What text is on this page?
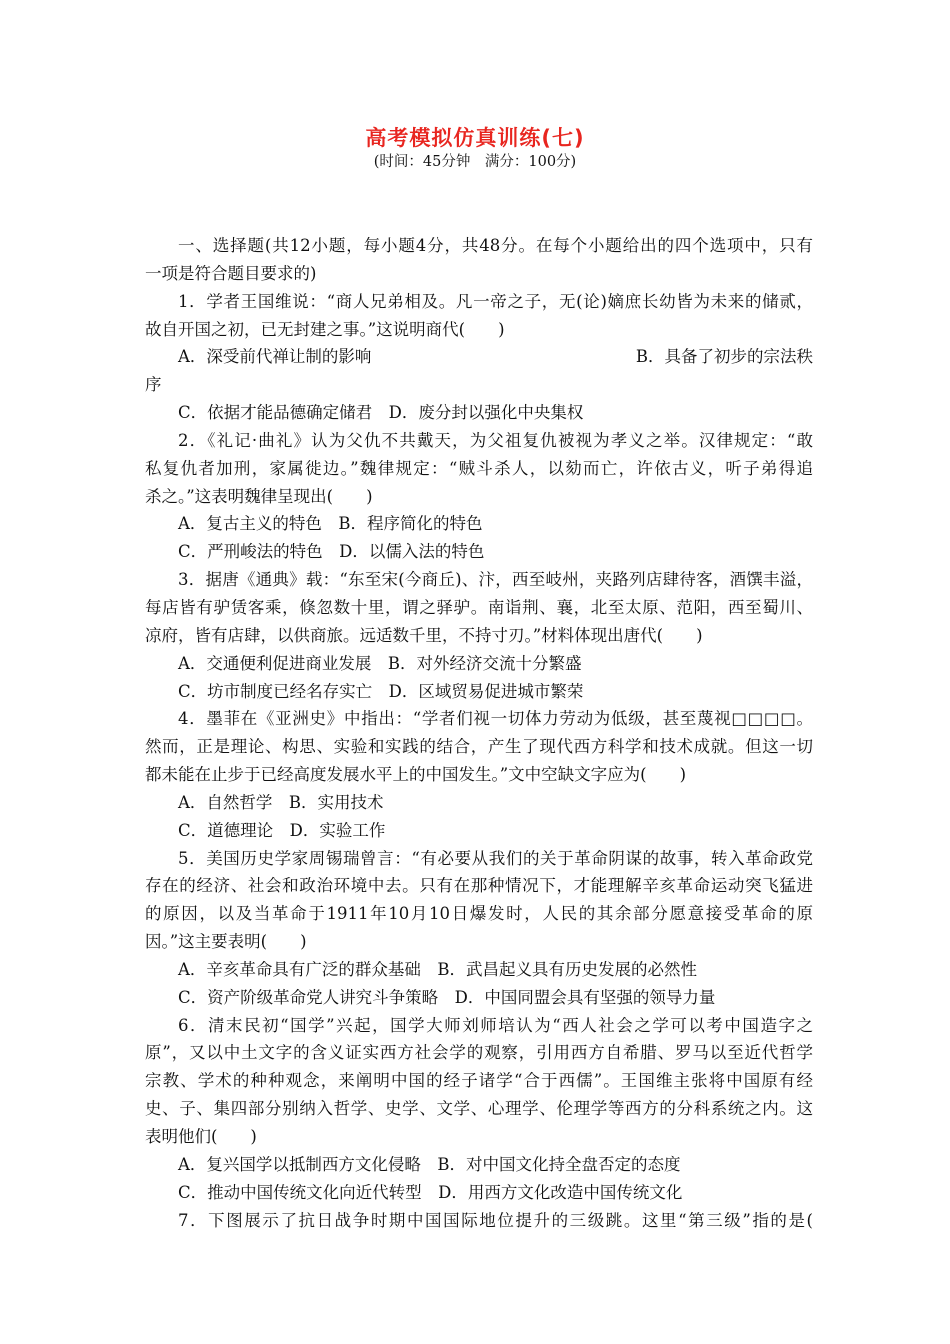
高考模拟仿真训练(七)
(时间：45分钟　满分：100分)
一、选择题(共12小题，每小题4分，共48分。在每个小题给出的四个选项中，只有
一项是符合题目要求的)
1．学者王国维说：“商人兄弟相及。凡一帝之子，无(论)嫡庶长幼皆为未来的储贰，
故自开国之初，已无封建之事。”这说明商代(　　)
A．深受前代禅让制的影响	B．具备了初步的宗法秩
序
C．依据才能品德确定储君　D．废分封以强化中央集权
2．《礼记·曲礼》认为父仇不共戴天，为父祖复仇被视为孝义之举。汉律规定：“敢
私复仇者加刑，家属徙边。”魏律规定：“贼斗杀人，以劾而亡，许依古义，听子弟得追
杀之。”这表明魏律呈现出(　　)
A．复古主义的特色　B．程序简化的特色
C．严刑峻法的特色　D．以儒入法的特色
3．据唐《通典》载：“东至宋(今商丘)、汴，西至岐州，夹路列店肆待客，酒馔丰溢，
每店皆有驴赁客乘，倏忽数十里，谓之驿驴。南诣荆、襄，北至太原、范阳，西至蜀川、
凉府，皆有店肆，以供商旅。远适数千里，不持寸刃。”材料体现出唐代(　　)
A．交通便利促进商业发展　B．对外经济交流十分繁盛
C．坊市制度已经名存实亡　D．区域贸易促进城市繁荣
4．墨菲在《亚洲史》中指出：“学者们视一切体力劳动为低级，甚至蔑视□□□□。
然而，正是理论、构思、实验和实践的结合，产生了现代西方科学和技术成就。但这一切
都未能在止步于已经高度发展水平上的中国发生。”文中空缺文字应为(　　)
A．自然哲学　B．实用技术
C．道德理论　D．实验工作
5．美国历史学家周锡瑞曾言：“有必要从我们的关于革命阴谋的故事，转入革命政党
存在的经济、社会和政治环境中去。只有在那种情况下，才能理解辛亥革命运动突飞猛进
的原因，以及当革命于1911年10月10日爆发时，人民的其余部分愿意接受革命的原
因。”这主要表明(　　)
A．辛亥革命具有广泛的群众基础　B．武昌起义具有历史发展的必然性
C．资产阶级革命党人讲究斗争策略　D．中国同盟会具有坚强的领导力量
6．清末民初“国学”兴起，国学大师刘师培认为“西人社会之学可以考中国造字之
原”，又以中土文字的含义证实西方社会学的观察，引用西方自希腊、罗马以至近代哲学
宗教、学术的种种观念，来阐明中国的经子诸学“合于西儒”。王国维主张将中国原有经
史、子、集四部分别纳入哲学、史学、文学、心理学、伦理学等西方的分科系统之内。这
表明他们(　　)
A．复兴国学以抵制西方文化侵略　B．对中国文化持全盘否定的态度
C．推动中国传统文化向近代转型　D．用西方文化改造中国传统文化
7．下图展示了抗日战争时期中国国际地位提升的三级跳。这里“第三级”指的是(
